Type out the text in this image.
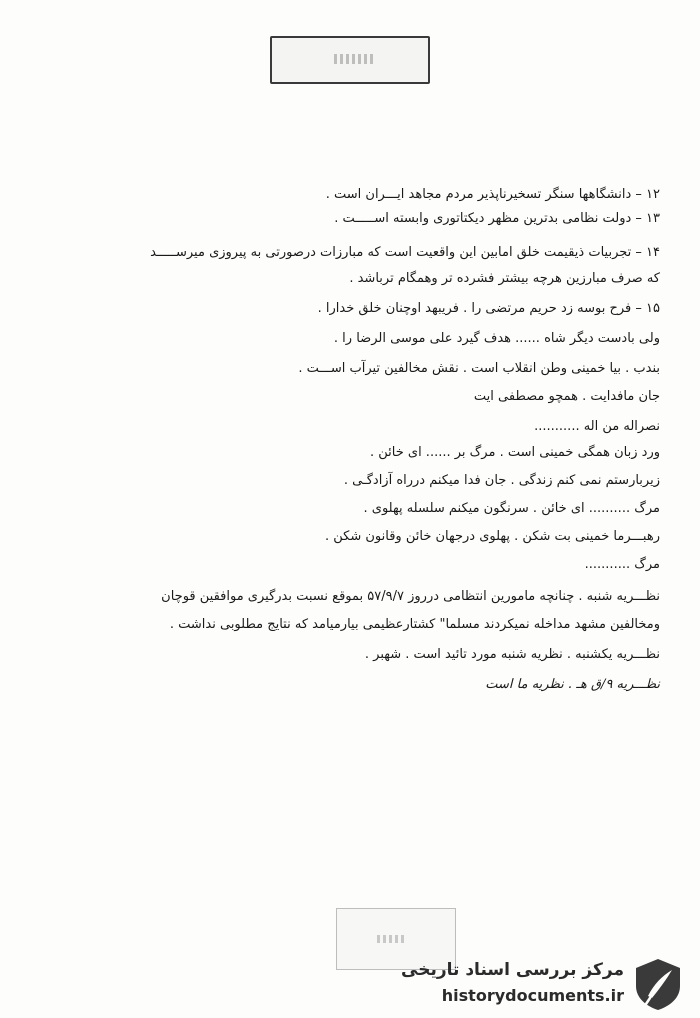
۱۲ – دانشگاهها سنگر تسخیرناپذیر مردم مجاهد ایـــران است .
۱۳ – دولت نظامی بدترین مظهر دیکتاتوری وابسته اســـــت .
۱۴ – تجربیات ذیقیمت خلق امابین این واقعیت است که مبارزات درصورتی به پیروزی میرســـــد
که صرف مبارزین هرچه بیشتر فشرده تر وهمگام ترباشد .
۱۵ – فرح بوسه زد حریم مرتضی را . فریبهد اوچنان خلق خدارا .
ولی بادست دیگر شاه ...... هدف گیرد علی موسی الرضا را .
بندب . بیا خمینی وطن انقلاب است . نقش مخالفین تیرآب اســـت .
جان مافدایت . همچو مصطفی ایت
نصراله من اله ...........
ورد زبان همگی خمینی است . مرگ بر ...... ای خائن .
زیربارستم نمی کنم زندگی . جان فدا میکنم درراه آزادگـی .
مرگ .......... ای خائن . سرنگون میکنم سلسله پهلوی .
رهبـــرما خمینی بت شکن . پهلوی درجهان خائن وقانون شکن .
مرگ ...........
نظـــریه شنبه . چنانچه مامورین انتظامی درروز ۵۷/۹/۷ بموقع نسبت بدرگیری موافقین قوچان
ومخالفین مشهد مداخله نمیکردند مسلما" کشتارعظیمی بیارمیامد که نتایج مطلوبی نداشت .
نظـــریه یکشنبه . نظریه شنبه مورد تائید است . شهبر .
نظـــریه ۹/ق هـ . نظریه ما است
مرکز بررسی اسناد تاریخی
historydocuments.ir
